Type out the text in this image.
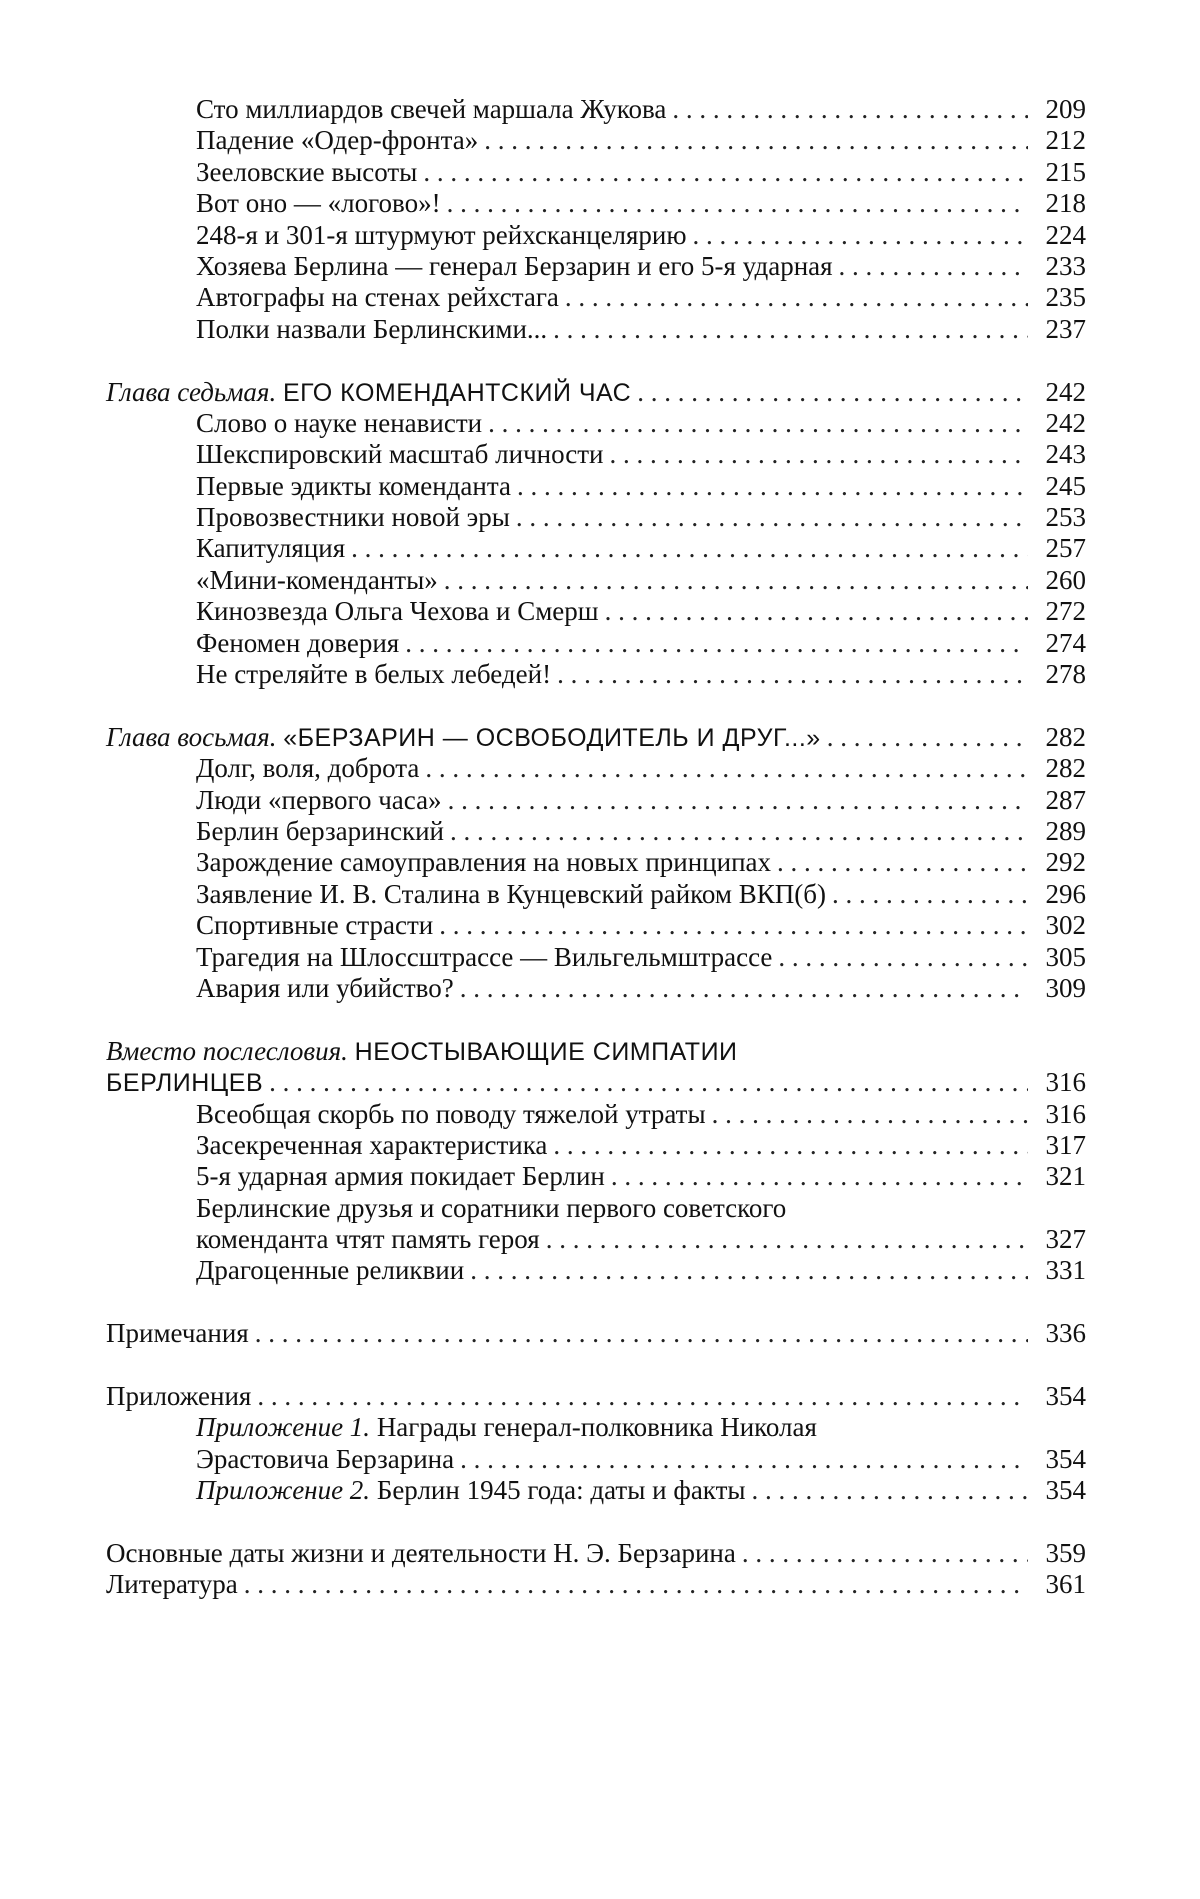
Сто миллиардов свечей маршала Жукова . . .	209
Падение «Одер-фронта» . . .	212
Зееловские высоты . . .	215
Вот оно — «логово»! . . .	218
248-я и 301-я штурмуют рейхсканцелярию . . .	224
Хозяева Берлина — генерал Берзарин и его 5-я ударная . . .	233
Автографы на стенах рейхстага . . .	235
Полки назвали Берлинскими... . . .	237
Глава седьмая. ЕГО КОМЕНДАНТСКИЙ ЧАС . . .	242
Слово о науке ненависти . . .	242
Шекспировский масштаб личности . . .	243
Первые эдикты коменданта . . .	245
Провозвестники новой эры . . .	253
Капитуляция . . .	257
«Мини-коменданты» . . .	260
Кинозвезда Ольга Чехова и Смерш . . .	272
Феномен доверия . . .	274
Не стреляйте в белых лебедей! . . .	278
Глава восьмая. «БЕРЗАРИН — ОСВОБОДИТЕЛЬ И ДРУГ...» . . .	282
Долг, воля, доброта . . .	282
Люди «первого часа» . . .	287
Берлин берзаринский . . .	289
Зарождение самоуправления на новых принципах . . .	292
Заявление И. В. Сталина в Кунцевский райком ВКП(б) . . .	296
Спортивные страсти . . .	302
Трагедия на Шлоссштрассе — Вильгельмштрассе . . .	305
Авария или убийство? . . .	309
Вместо послесловия. НЕОСТЫВАЮЩИЕ СИМПАТИИ
БЕРЛИНЦЕВ . . .	316
Всеобщая скорбь по поводу тяжелой утраты . . .	316
Засекреченная характеристика . . .	317
5-я ударная армия покидает Берлин . . .	321
Берлинские друзья и соратники первого советского
коменданта чтят память героя . . .	327
Драгоценные реликвии . . .	331
Примечания . . .	336
Приложения . . .	354
Приложение 1. Награды генерал-полковника Николая
Эрастовича Берзарина . . .	354
Приложение 2. Берлин 1945 года: даты и факты . . .	354
Основные даты жизни и деятельности Н. Э. Берзарина . . .	359
Литература . . .	361
